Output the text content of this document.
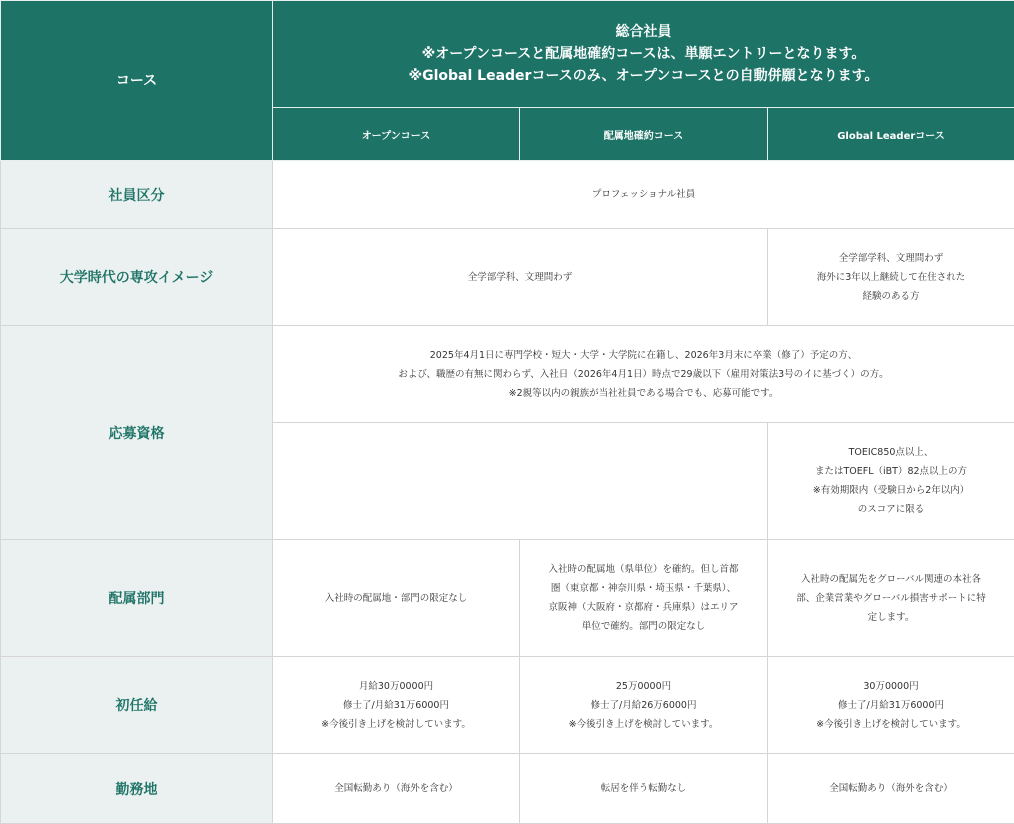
コース	総合社員
※オープンコースと配属地確約コースは、単願エントリーとなります。
※Global Leaderコースのみ、オープンコースとの自動併願となります。		

	オープンコース	配属地確約コース	Global Leaderコース
社員区分	プロフェッショナル社員		
大学時代の専攻イメージ	全学部学科、文理問わず		全学部学科、文理問わず
海外に3年以上継続して在住された
経験のある方

応募資格	2025年4月1日に専門学校・短大・大学・大学院に在籍し、2026年3月末に卒業（修了）予定の方、
および、職歴の有無に関わらず、入社日（2026年4月1日）時点で29歳以下（雇用対策法3号のイに基づく）の方。
※2親等以内の親族が当社社員である場合でも、応募可能です。		

			TOEIC850点以上、
またはTOEFL（iBT）82点以上の方
※有効期限内（受験日から2年以内）
のスコアに限る

配属部門	入社時の配属地・部門の限定なし	入社時の配属地（県単位）を確約。但し首都
圏（東京都・神奈川県・埼玉県・千葉県）、
京阪神（大阪府・京都府・兵庫県）はエリア
単位で確約。部門の限定なし	入社時の配属先をグローバル関連の本社各
部、企業営業やグローバル損害サポートに特
定します。

初任給	月給30万0000円
修士了/月給31万6000円
※今後引き上げを検討しています。	25万0000円
修士了/月給26万6000円
※今後引き上げを検討しています。	30万0000円
修士了/月給31万6000円
※今後引き上げを検討しています。

勤務地	全国転勤あり（海外を含む）	転居を伴う転勤なし	全国転勤あり（海外を含む）
